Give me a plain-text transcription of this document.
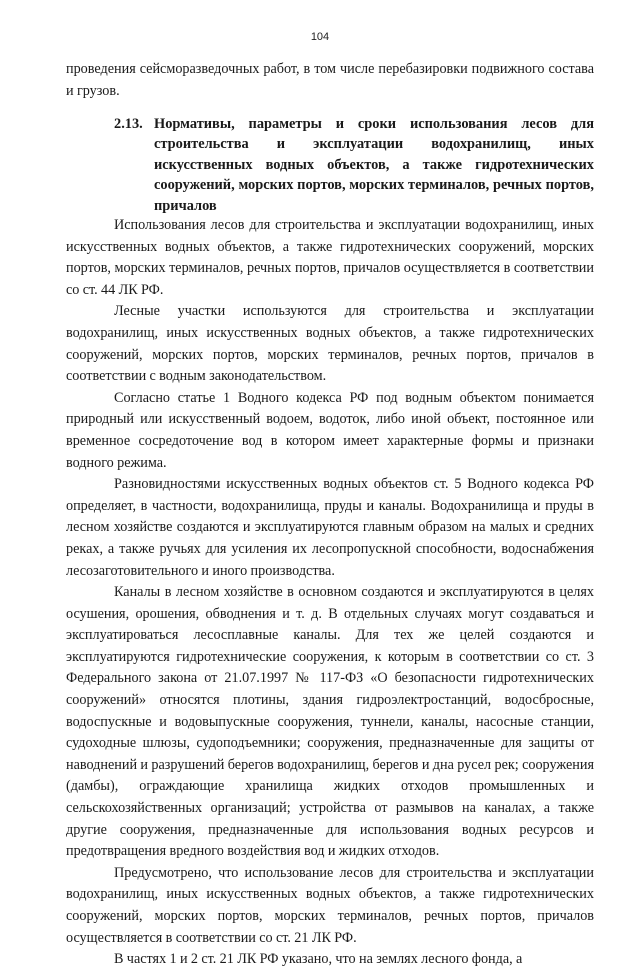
104

проведения сейсморазведочных работ, в том числе перебазировки подвижного состава и грузов.

2.13. Нормативы, параметры и сроки использования лесов для строительства и эксплуатации водохранилищ, иных искусственных водных объектов, а также гидротехнических сооружений, морских портов, морских терминалов, речных портов, причалов

Использования лесов для строительства и эксплуатации водохранилищ, иных искусственных водных объектов, а также гидротехнических сооружений, морских портов, морских терминалов, речных портов, причалов осуществляется в соответствии со ст. 44 ЛК РФ.

Лесные участки используются для строительства и эксплуатации водохранилищ, иных искусственных водных объектов, а также гидротехнических сооружений, морских портов, морских терминалов, речных портов, причалов в соответствии с водным законодательством.

Согласно статье 1 Водного кодекса РФ под водным объектом понимается природный или искусственный водоем, водоток, либо иной объект, постоянное или временное сосредоточение вод в котором имеет характерные формы и признаки водного режима.

Разновидностями искусственных водных объектов ст. 5 Водного кодекса РФ определяет, в частности, водохранилища, пруды и каналы. Водохранилища и пруды в лесном хозяйстве создаются и эксплуатируются главным образом на малых и средних реках, а также ручьях для усиления их лесопропускной способности, водоснабжения лесозаготовительного и иного производства.

Каналы в лесном хозяйстве в основном создаются и эксплуатируются в целях осушения, орошения, обводнения и т. д. В отдельных случаях могут создаваться и эксплуатироваться лесосплавные каналы. Для тех же целей создаются и эксплуатируются гидротехнические сооружения, к которым в соответствии со ст. 3 Федерального закона от 21.07.1997 № 117-ФЗ «О безопасности гидротехнических сооружений» относятся плотины, здания гидроэлектростанций, водосбросные, водоспускные и водовыпускные сооружения, туннели, каналы, насосные станции, судоходные шлюзы, судоподъемники; сооружения, предназначенные для защиты от наводнений и разрушений берегов водохранилищ, берегов и дна русел рек; сооружения (дамбы), ограждающие хранилища жидких отходов промышленных и сельскохозяйственных организаций; устройства от размывов на каналах, а также другие сооружения, предназначенные для использования водных ресурсов и предотвращения вредного воздействия вод и жидких отходов.

Предусмотрено, что использование лесов для строительства и эксплуатации водохранилищ, иных искусственных водных объектов, а также гидротехнических сооружений, морских портов, морских терминалов, речных портов, причалов осуществляется в соответствии со ст. 21 ЛК РФ.

В частях 1 и 2 ст. 21 ЛК РФ указано, что на землях лесного фонда, а
